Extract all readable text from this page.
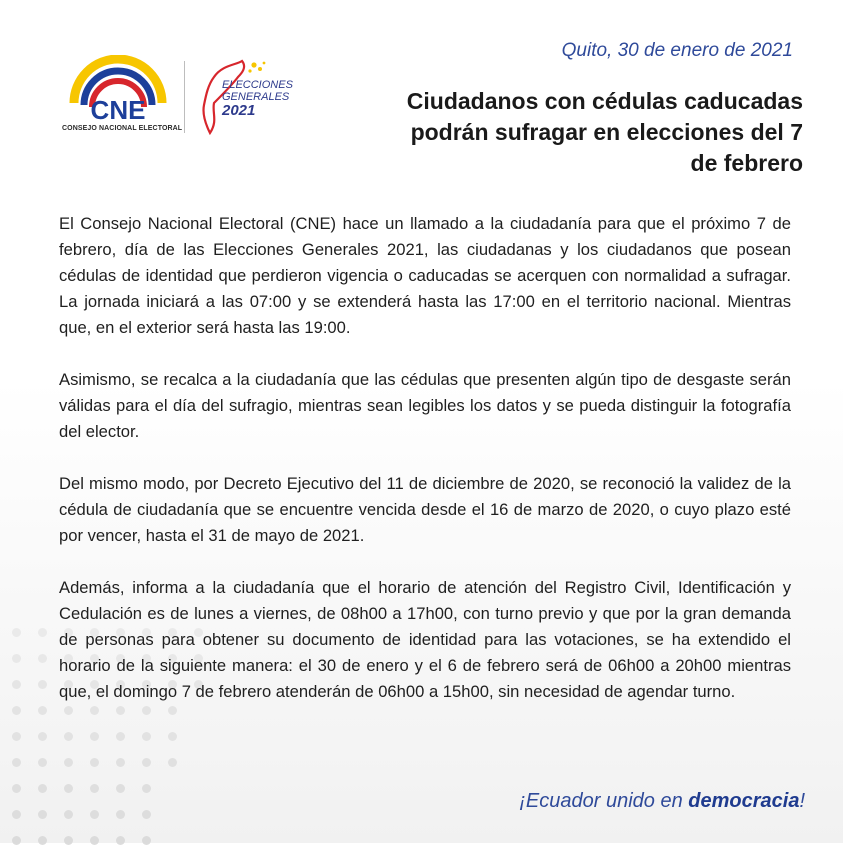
CNE
CONSEJO NACIONAL ELECTORAL
ELECCIONES
GENERALES
2021
Quito, 30 de enero de 2021
Ciudadanos con cédulas caducadas podrán sufragar en elecciones del 7 de febrero

El Consejo Nacional Electoral (CNE) hace un llamado a la ciudadanía para que el próximo 7 de febrero, día de las Elecciones Generales 2021, las ciudadanas y los ciudadanos que posean cédulas de identidad que perdieron vigencia o caducadas se acerquen con normalidad a sufragar. La jornada iniciará a las 07:00 y se extenderá hasta las 17:00 en el territorio nacional. Mientras que, en el exterior será hasta las 19:00.

Asimismo, se recalca a la ciudadanía que las cédulas que presenten algún tipo de desgaste serán válidas para el día del sufragio, mientras sean legibles los datos y se pueda distinguir la fotografía del elector.

Del mismo modo, por Decreto Ejecutivo del 11 de diciembre de 2020, se reconoció la validez de la cédula de ciudadanía que se encuentre vencida desde el 16 de marzo de 2020, o cuyo plazo esté por vencer, hasta el 31 de mayo de 2021.

Además, informa a la ciudadanía que el horario de atención del Registro Civil, Identificación y Cedulación es de lunes a viernes, de 08h00 a 17h00, con turno previo y que por la gran demanda de personas para obtener su documento de identidad para las votaciones, se ha extendido el horario de la siguiente manera: el 30 de enero y el 6 de febrero será de 06h00 a 20h00 mientras que, el domingo 7 de febrero atenderán de 06h00 a 15h00, sin necesidad de agendar turno.

¡Ecuador unido en democracia!
